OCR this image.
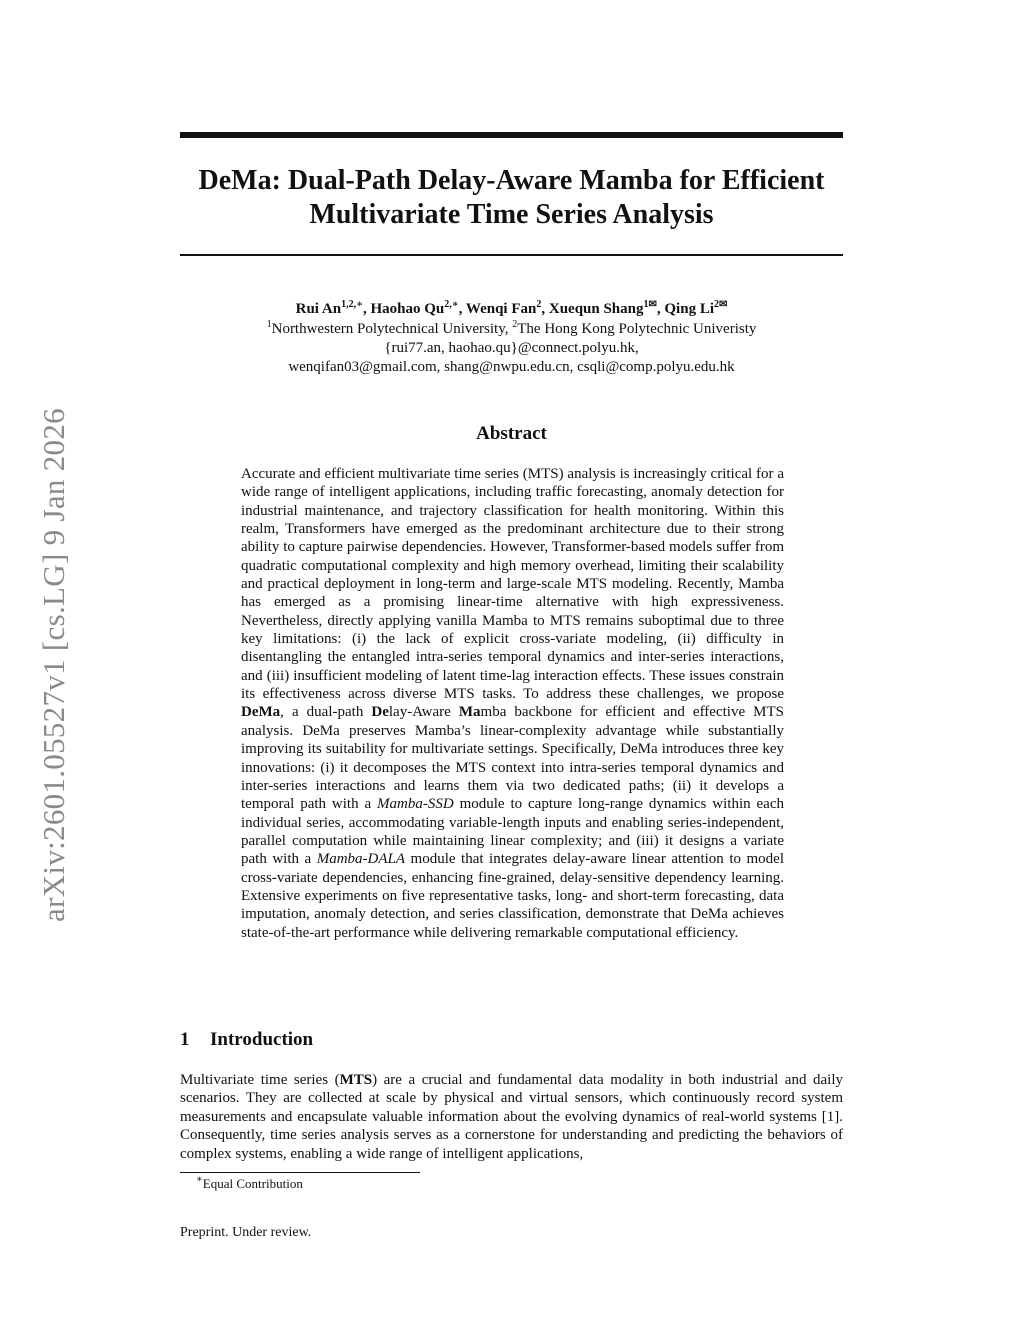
arXiv:2601.05527v1 [cs.LG] 9 Jan 2026
DeMa: Dual-Path Delay-Aware Mamba for Efficient
Multivariate Time Series Analysis
Rui $An^{1,2,∗}$, Haohao $Qu^{2,∗}$, Wenqi Fan$^2$, Xuequn Shang$^{1✉}$, Qing $Li^{2✉}$
$^1$Northwestern Polytechnical University, $^2$The Hong Kong Polytechnic Univeristy
{rui77.an, haohao.qu}@connect.polyu.hk,
wenqifan03@gmail.com, shang@nwpu.edu.cn, csqli@comp.polyu.edu.hk
Abstract
Accurate and efficient multivariate time series (MTS) analysis is increasingly critical for a wide range of intelligent applications, including traffic forecasting, anomaly detection for industrial maintenance, and trajectory classification for health monitoring. Within this realm, Transformers have emerged as the predominant architecture due to their strong ability to capture pairwise dependencies. However, Transformer-based models suffer from quadratic computational complexity and high memory overhead, limiting their scalability and practical deployment in long-term and large-scale MTS modeling. Recently, Mamba has emerged as a promising linear-time alternative with high expressiveness. Nevertheless, directly applying vanilla Mamba to MTS remains suboptimal due to three key limitations: (i) the lack of explicit cross-variate modeling, (ii) difficulty in disentangling the entangled intra-series temporal dynamics and inter-series interactions, and (iii) insufficient modeling of latent time-lag interaction effects. These issues constrain its effectiveness across diverse MTS tasks. To address these challenges, we propose DeMa, a dual-path Delay-Aware Mamba backbone for efficient and effective MTS analysis. DeMa preserves Mamba’s linear-complexity advantage while substantially improving its suitability for multivariate settings. Specifically, DeMa introduces three key innovations: (i) it decomposes the MTS context into intra-series temporal dynamics and inter-series interactions and learns them via two dedicated paths; (ii) it develops a temporal path with a Mamba-SSD module to capture long-range dynamics within each individual series, accommodating variable-length inputs and enabling series-independent, parallel computation while maintaining linear complexity; and (iii) it designs a variate path with a Mamba-DALA module that integrates delay-aware linear attention to model cross-variate dependencies, enhancing fine-grained, delay-sensitive dependency learning. Extensive experiments on five representative tasks, long- and short-term forecasting, data imputation, anomaly detection, and series classification, demonstrate that DeMa achieves state-of-the-art performance while delivering remarkable computational efficiency.
1 Introduction
Multivariate time series (MTS) are a crucial and fundamental data modality in both industrial and daily scenarios. They are collected at scale by physical and virtual sensors, which continuously record system measurements and encapsulate valuable information about the evolving dynamics of real-world systems [1]. Consequently, time series analysis serves as a cornerstone for understanding and predicting the behaviors of complex systems, enabling a wide range of intelligent applications,
∗Equal Contribution
Preprint. Under review.
